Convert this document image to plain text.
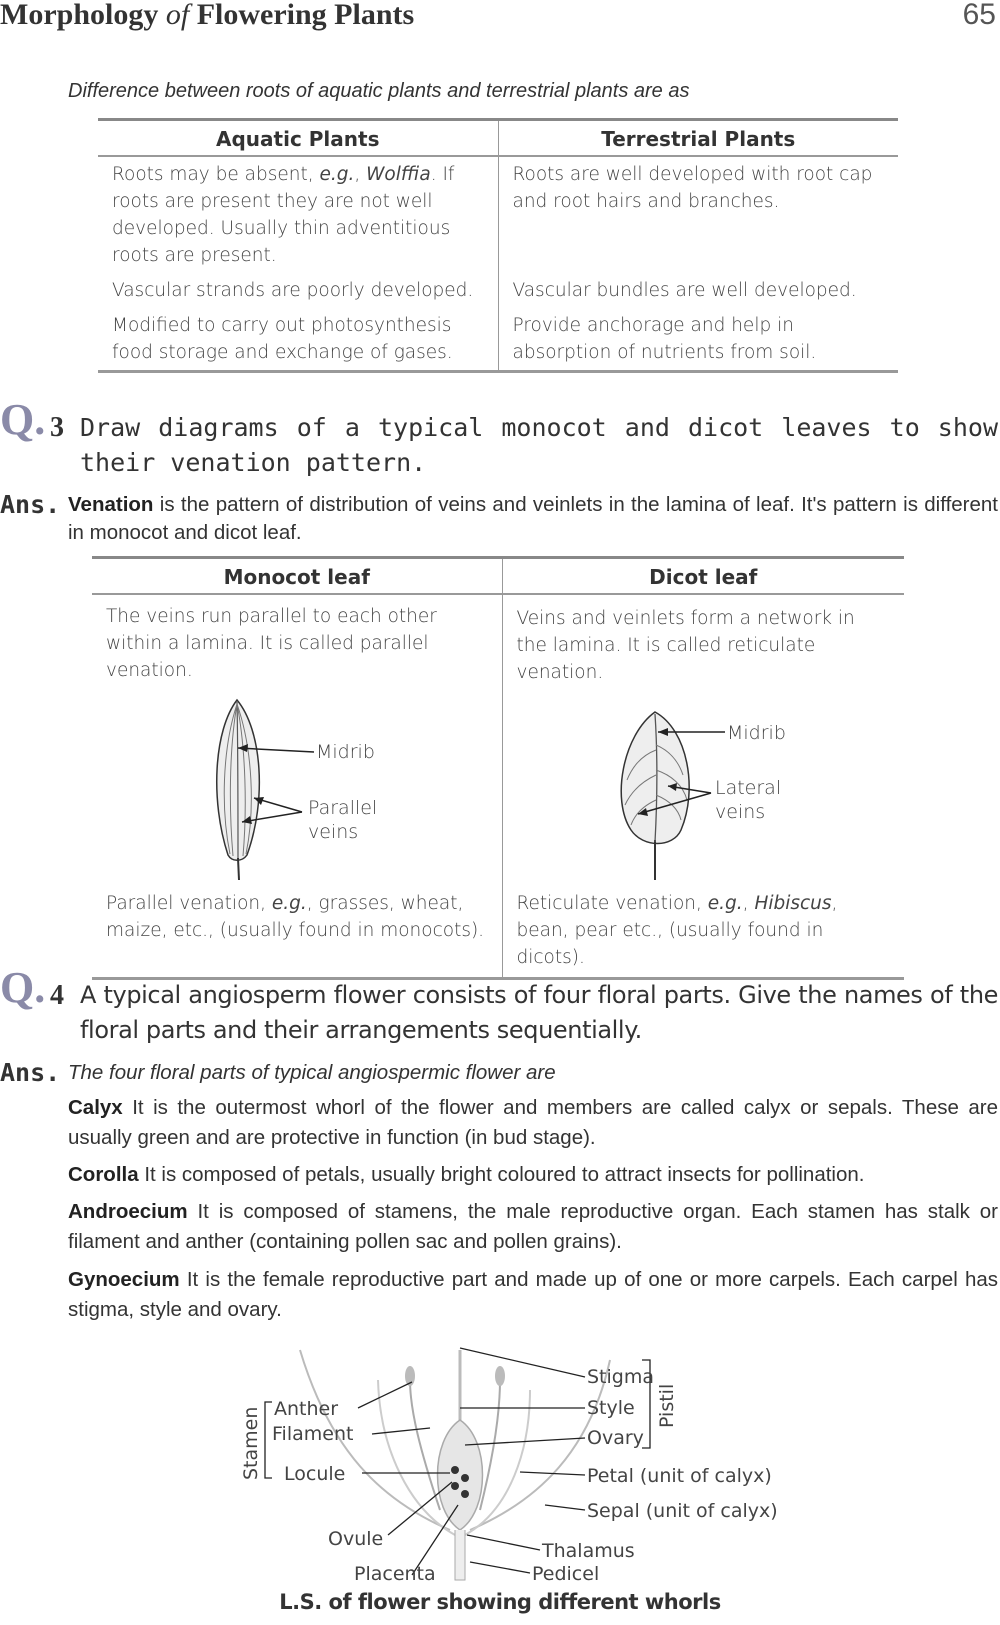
Morphology of Flowering Plants	65
Difference between roots of aquatic plants and terrestrial plants are as
Aquatic Plants	Terrestrial Plants
Roots may be absent, e.g., Wolffia. If roots are present they are not well developed. Usually thin adventitious roots are present.	Roots are well developed with root cap and root hairs and branches.
Vascular strands are poorly developed.	Vascular bundles are well developed.
Modified to carry out photosynthesis food storage and exchange of gases.	Provide anchorage and help in absorption of nutrients from soil.
Q. 3 Draw diagrams of a typical monocot and dicot leaves to show their venation pattern.
Ans. Venation is the pattern of distribution of veins and veinlets in the lamina of leaf. It's pattern is different in monocot and dicot leaf.
Monocot leaf	Dicot leaf
The veins run parallel to each other within a lamina. It is called parallel venation.	Veins and veinlets form a network in the lamina. It is called reticulate venation.

Midrib
Parallel
veins	Midrib
Lateral
veins

Parallel venation, e.g., grasses, wheat, maize, etc., (usually found in monocots).	Reticulate venation, e.g., Hibiscus, bean, pear etc., (usually found in dicots).
Q. 4 A typical angiosperm flower consists of four floral parts. Give the names of the floral parts and their arrangements sequentially.
Ans. The four floral parts of typical angiospermic flower are
Calyx It is the outermost whorl of the flower and members are called calyx or sepals. These are usually green and are protective in function (in bud stage).
Corolla It is composed of petals, usually bright coloured to attract insects for pollination.
Androecium It is composed of stamens, the male reproductive organ. Each stamen has stalk or filament and anther (containing pollen sac and pollen grains).
Gynoecium It is the female reproductive part and made up of one or more carpels. Each carpel has stigma, style and ovary.
Stigma
Style
Ovary
Pistil
Petal (unit of calyx)
Sepal (unit of calyx)
Thalamus
Pedicel
Anther
Filament
Locule
Stamen
Ovule
Placenta
L.S. of flower showing different whorls
